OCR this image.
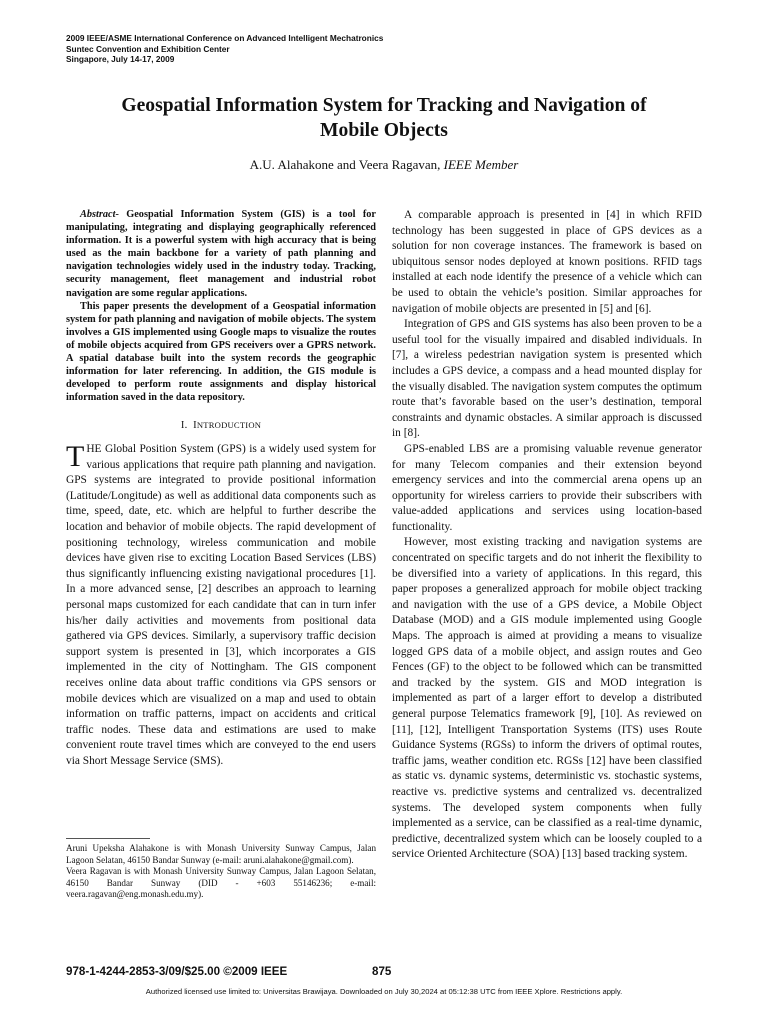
2009 IEEE/ASME International Conference on Advanced Intelligent Mechatronics
Suntec Convention and Exhibition Center
Singapore, July 14-17, 2009
Geospatial Information System for Tracking and Navigation of
Mobile Objects
A.U. Alahakone and Veera Ragavan, IEEE Member

Abstract- Geospatial Information System (GIS) is a tool for manipulating, integrating and displaying geographically referenced information. It is a powerful system with high accuracy that is being used as the main backbone for a variety of path planning and navigation technologies widely used in the industry today. Tracking, security management, fleet management and industrial robot navigation are some regular applications.

This paper presents the development of a Geospatial information system for path planning and navigation of mobile objects. The system involves a GIS implemented using Google maps to visualize the routes of mobile objects acquired from GPS receivers over a GPRS network. A spatial database built into the system records the geographic information for later referencing. In addition, the GIS module is developed to perform route assignments and display historical information saved in the data repository.

I. INTRODUCTION

THE Global Position System (GPS) is a widely used system for various applications that require path planning and navigation. GPS systems are integrated to provide positional information (Latitude/Longitude) as well as additional data components such as time, speed, date, etc. which are helpful to further describe the location and behavior of mobile objects. The rapid development of positioning technology, wireless communication and mobile devices have given rise to exciting Location Based Services (LBS) thus significantly influencing existing navigational procedures [1]. In a more advanced sense, [2] describes an approach to learning personal maps customized for each candidate that can in turn infer his/her daily activities and movements from positional data gathered via GPS devices. Similarly, a supervisory traffic decision support system is presented in [3], which incorporates a GIS implemented in the city of Nottingham. The GIS component receives online data about traffic conditions via GPS sensors or mobile devices which are visualized on a map and used to obtain information on traffic patterns, impact on accidents and critical traffic nodes. These data and estimations are used to make convenient route travel times which are conveyed to the end users via Short Message Service (SMS).

Aruni Upeksha Alahakone is with Monash University Sunway Campus, Jalan Lagoon Selatan, 46150 Bandar Sunway (e-mail: aruni.alahakone@gmail.com).

Veera Ragavan is with Monash University Sunway Campus, Jalan Lagoon Selatan, 46150 Bandar Sunway (DID - +603 55146236; e-mail: veera.ragavan@eng.monash.edu.my).

A comparable approach is presented in [4] in which RFID technology has been suggested in place of GPS devices as a solution for non coverage instances. The framework is based on ubiquitous sensor nodes deployed at known positions. RFID tags installed at each node identify the presence of a vehicle which can be used to obtain the vehicle’s position. Similar approaches for navigation of mobile objects are presented in [5] and [6].

Integration of GPS and GIS systems has also been proven to be a useful tool for the visually impaired and disabled individuals. In [7], a wireless pedestrian navigation system is presented which includes a GPS device, a compass and a head mounted display for the visually disabled. The navigation system computes the optimum route that’s favorable based on the user’s destination, temporal constraints and dynamic obstacles. A similar approach is discussed in [8].

GPS-enabled LBS are a promising valuable revenue generator for many Telecom companies and their extension beyond emergency services and into the commercial arena opens up an opportunity for wireless carriers to provide their subscribers with value-added applications and services using location-based functionality.

However, most existing tracking and navigation systems are concentrated on specific targets and do not inherit the flexibility to be diversified into a variety of applications. In this regard, this paper proposes a generalized approach for mobile object tracking and navigation with the use of a GPS device, a Mobile Object Database (MOD) and a GIS module implemented using Google Maps. The approach is aimed at providing a means to visualize logged GPS data of a mobile object, and assign routes and Geo Fences (GF) to the object to be followed which can be transmitted and tracked by the system. GIS and MOD integration is implemented as part of a larger effort to develop a distributed general purpose Telematics framework [9], [10]. As reviewed on [11], [12], Intelligent Transportation Systems (ITS) uses Route Guidance Systems (RGSs) to inform the drivers of optimal routes, traffic jams, weather condition etc. RGSs [12] have been classified as static vs. dynamic systems, deterministic vs. stochastic systems, reactive vs. predictive systems and centralized vs. decentralized systems. The developed system components when fully implemented as a service, can be classified as a real-time dynamic, predictive, decentralized system which can be loosely coupled to a service Oriented Architecture (SOA) [13] based tracking system.

978-1-4244-2853-3/09/$25.00 ©2009 IEEE	875
Authorized licensed use limited to: Universitas Brawijaya. Downloaded on July 30,2024 at 05:12:38 UTC from IEEE Xplore. Restrictions apply.
